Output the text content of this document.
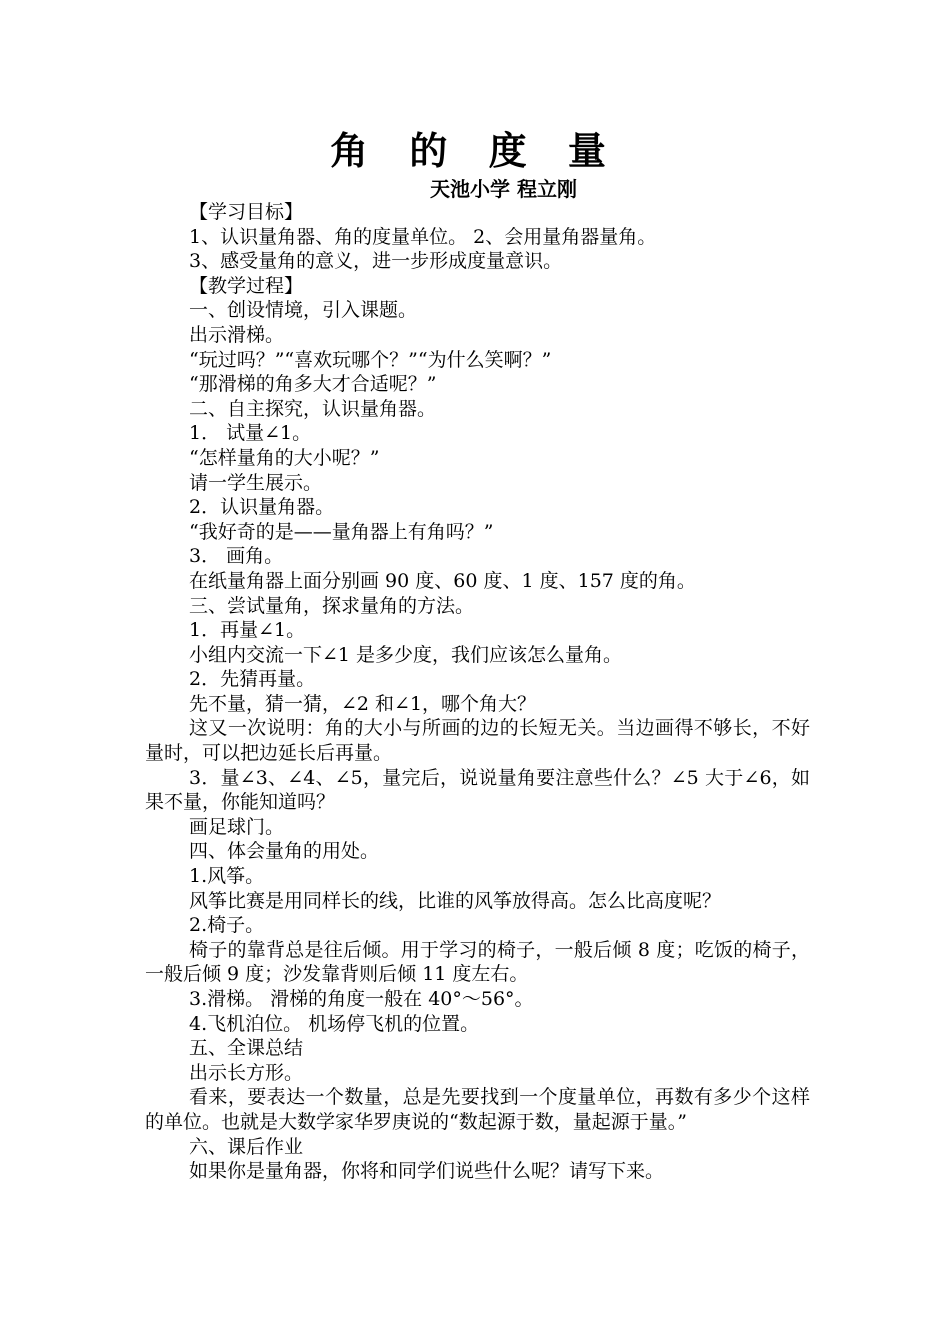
角 的 度 量

天池小学 程立刚

【学习目标】

1、认识量角器、角的度量单位。 2、会用量角器量角。

3、感受量角的意义，进一步形成度量意识。

【教学过程】

一、创设情境，引入课题。

出示滑梯。

“玩过吗？”“喜欢玩哪个？”“为什么笑啊？”

“那滑梯的角多大才合适呢？”

二、自主探究，认识量角器。

1． 试量∠1。

“怎样量角的大小呢？”

请一学生展示。

2．认识量角器。

“我好奇的是——量角器上有角吗？”

3． 画角。

在纸量角器上面分别画 90 度、60 度、1 度、157 度的角。

三、尝试量角，探求量角的方法。

1．再量∠1。

小组内交流一下∠1 是多少度，我们应该怎么量角。

2．先猜再量。

先不量，猜一猜，∠2 和∠1，哪个角大？

这又一次说明：角的大小与所画的边的长短无关。当边画得不够长，不好量时，可以把边延长后再量。

3．量∠3、∠4、∠5，量完后，说说量角要注意些什么？∠5 大于∠6，如果不量，你能知道吗？

画足球门。

四、体会量角的用处。

1.风筝。

风筝比赛是用同样长的线，比谁的风筝放得高。怎么比高度呢？

2.椅子。

椅子的靠背总是往后倾。用于学习的椅子，一般后倾 8 度；吃饭的椅子，一般后倾 9 度；沙发靠背则后倾 11 度左右。

3.滑梯。 滑梯的角度一般在 40°～56°。

4.飞机泊位。 机场停飞机的位置。

五、全课总结

出示长方形。

看来，要表达一个数量，总是先要找到一个度量单位，再数有多少个这样的单位。也就是大数学家华罗庚说的“数起源于数，量起源于量。”

六、课后作业

如果你是量角器，你将和同学们说些什么呢？请写下来。
